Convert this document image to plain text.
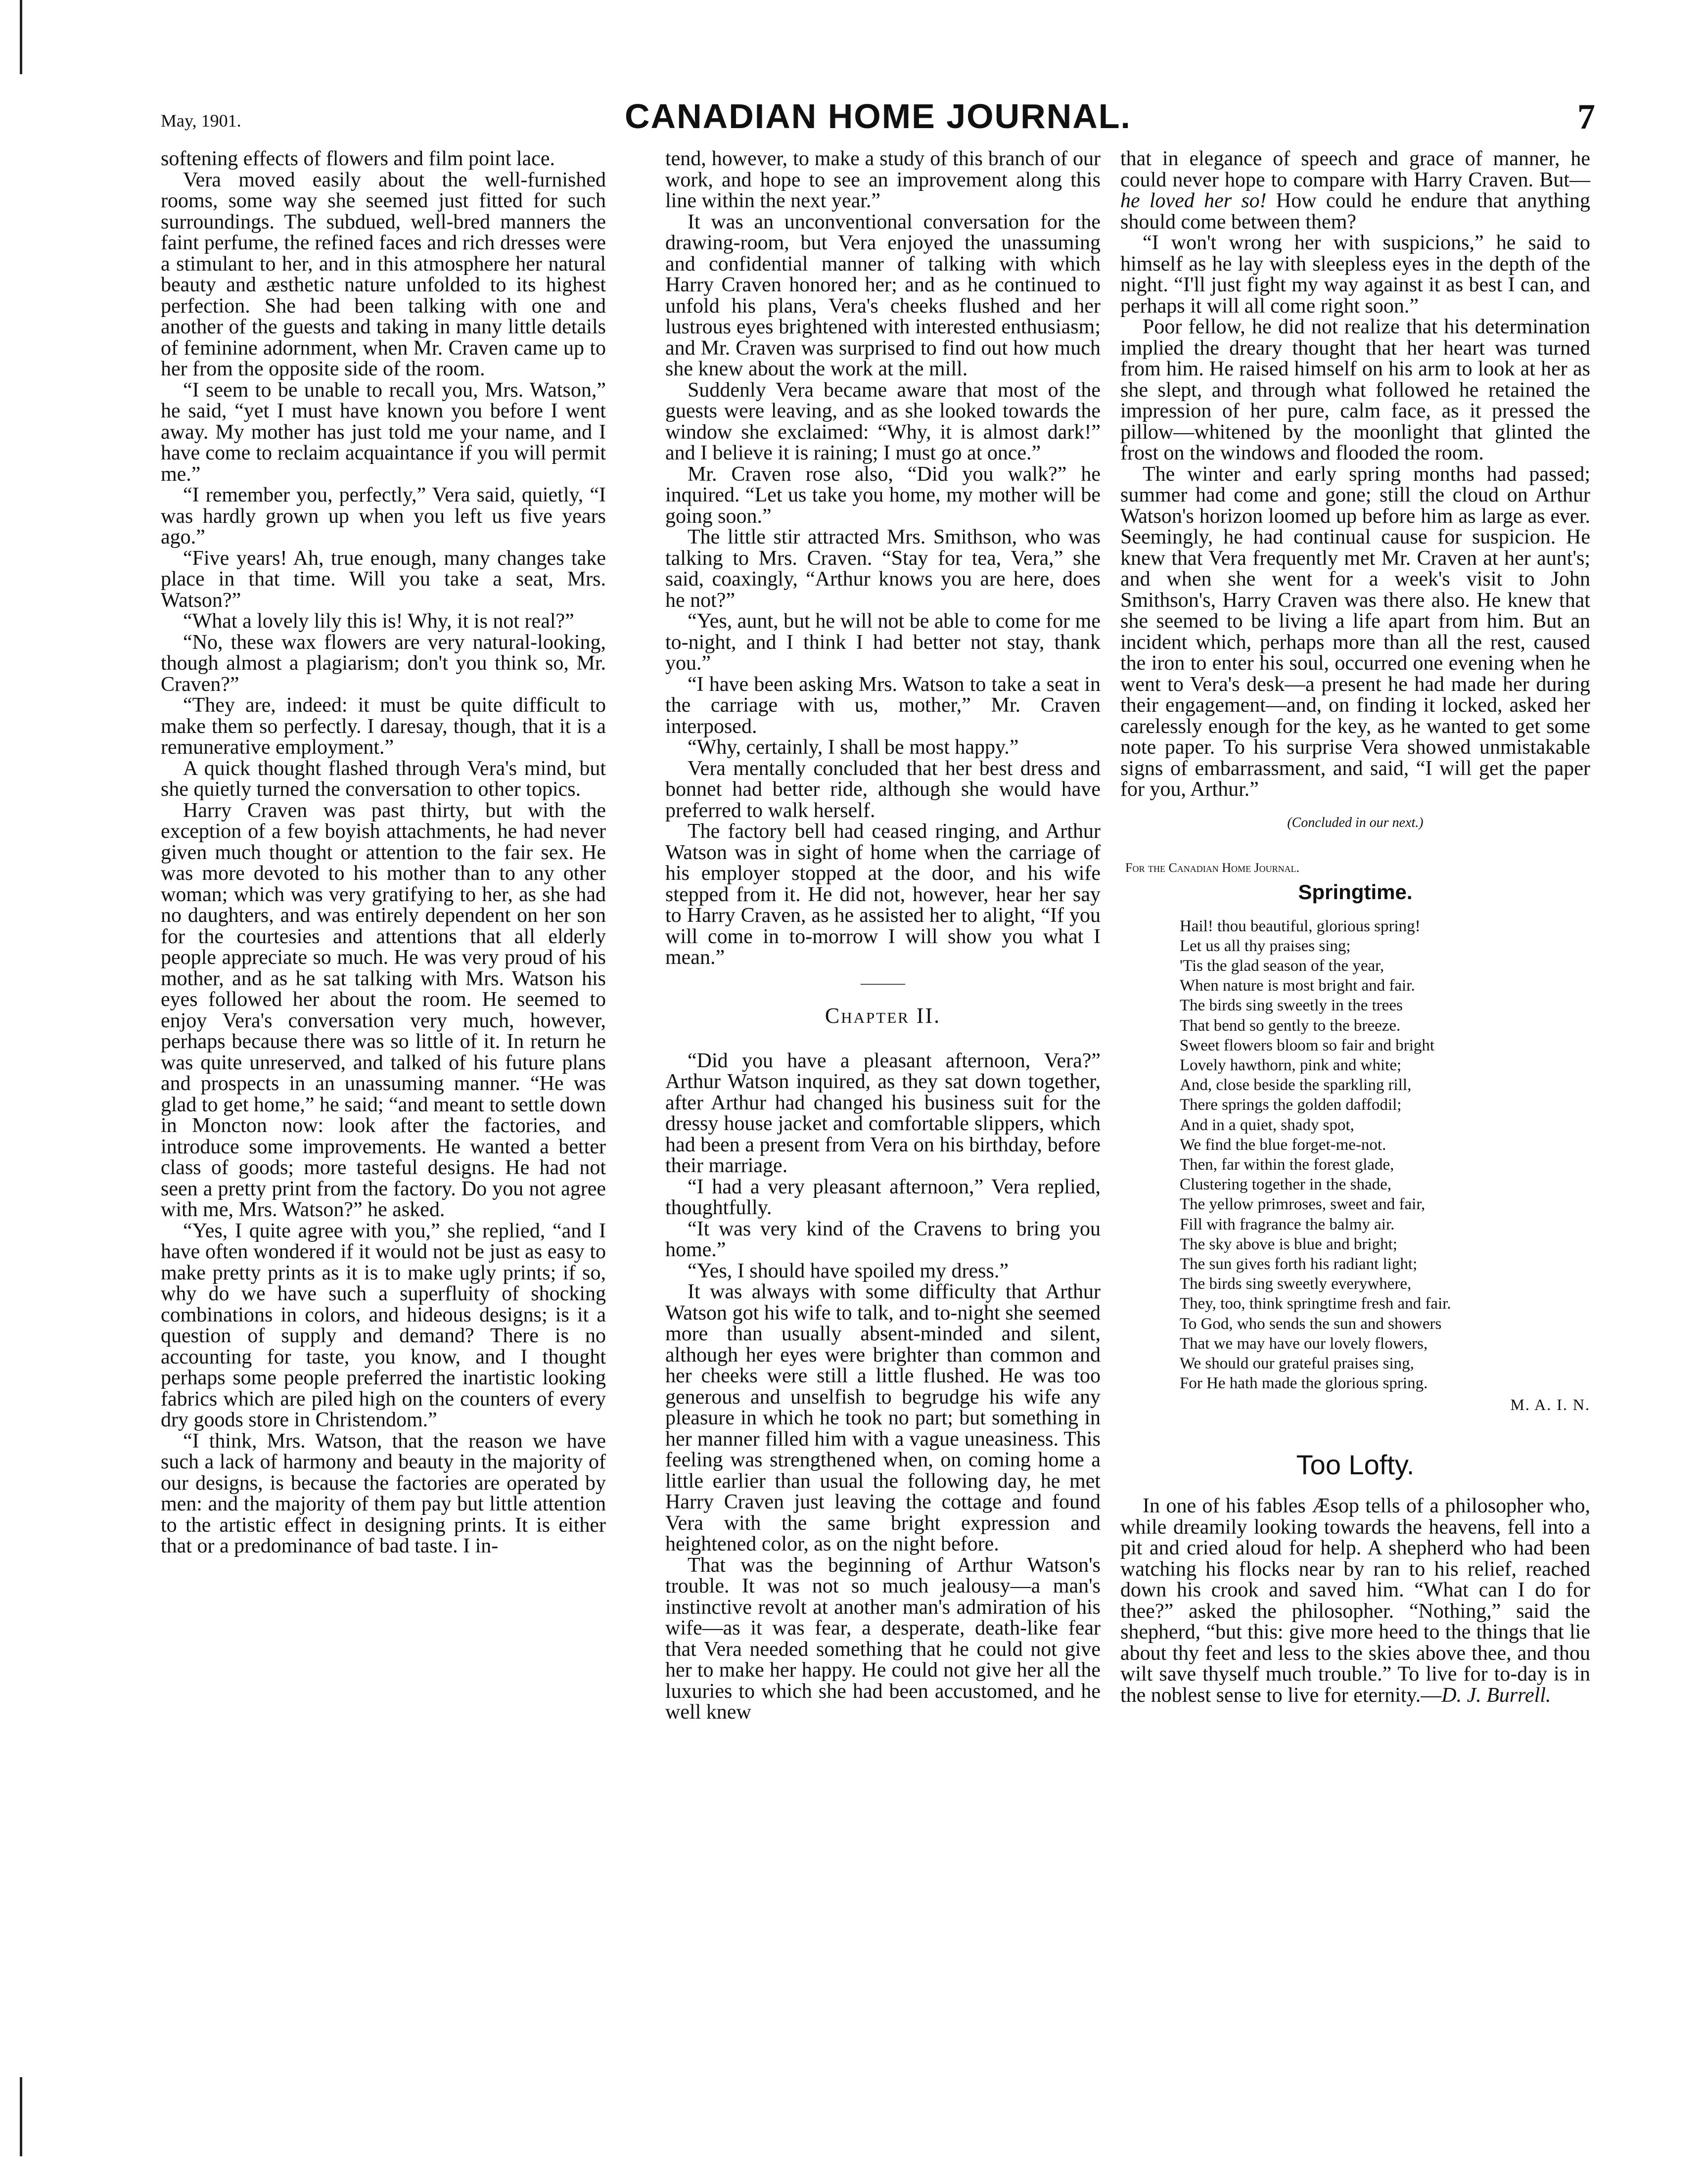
May, 1901.	CANADIAN HOME JOURNAL.	7

softening effects of flowers and film point lace.

Vera moved easily about the well-furnished rooms, some way she seemed just fitted for such surroundings. The subdued, well-bred manners the faint perfume, the refined faces and rich dresses were a stimulant to her, and in this atmosphere her natural beauty and æsthetic nature unfolded to its highest perfection. She had been talking with one and another of the guests and taking in many little details of feminine adornment, when Mr. Craven came up to her from the opposite side of the room.

“I seem to be unable to recall you, Mrs. Watson,” he said, “yet I must have known you before I went away. My mother has just told me your name, and I have come to reclaim acquaintance if you will permit me.”

“I remember you, perfectly,” Vera said, quietly, “I was hardly grown up when you left us five years ago.”

“Five years! Ah, true enough, many changes take place in that time. Will you take a seat, Mrs. Watson?”

“What a lovely lily this is! Why, it is not real?”

“No, these wax flowers are very natural-looking, though almost a plagiarism; don't you think so, Mr. Craven?”

“They are, indeed: it must be quite difficult to make them so perfectly. I daresay, though, that it is a remunerative employment.”

A quick thought flashed through Vera's mind, but she quietly turned the conversation to other topics.

Harry Craven was past thirty, but with the exception of a few boyish attachments, he had never given much thought or attention to the fair sex. He was more devoted to his mother than to any other woman; which was very gratifying to her, as she had no daughters, and was entirely dependent on her son for the courtesies and attentions that all elderly people appreciate so much. He was very proud of his mother, and as he sat talking with Mrs. Watson his eyes followed her about the room. He seemed to enjoy Vera's conversation very much, however, perhaps because there was so little of it. In return he was quite unreserved, and talked of his future plans and prospects in an unassuming manner. “He was glad to get home,” he said; “and meant to settle down in Moncton now: look after the factories, and introduce some improvements. He wanted a better class of goods; more tasteful designs. He had not seen a pretty print from the factory. Do you not agree with me, Mrs. Watson?” he asked.

“Yes, I quite agree with you,” she replied, “and I have often wondered if it would not be just as easy to make pretty prints as it is to make ugly prints; if so, why do we have such a superfluity of shocking combinations in colors, and hideous designs; is it a question of supply and demand? There is no accounting for taste, you know, and I thought perhaps some people preferred the inartistic looking fabrics which are piled high on the counters of every dry goods store in Christendom.”

“I think, Mrs. Watson, that the reason we have such a lack of harmony and beauty in the majority of our designs, is because the factories are operated by men: and the majority of them pay but little attention to the artistic effect in designing prints. It is either that or a predominance of bad taste. I in-

tend, however, to make a study of this branch of our work, and hope to see an improvement along this line within the next year.”

It was an unconventional conversation for the drawing-room, but Vera enjoyed the unassuming and confidential manner of talking with which Harry Craven honored her; and as he continued to unfold his plans, Vera's cheeks flushed and her lustrous eyes brightened with interested enthusiasm; and Mr. Craven was surprised to find out how much she knew about the work at the mill.

Suddenly Vera became aware that most of the guests were leaving, and as she looked towards the window she exclaimed: “Why, it is almost dark!” and I believe it is raining; I must go at once.”

Mr. Craven rose also, “Did you walk?” he inquired. “Let us take you home, my mother will be going soon.”

The little stir attracted Mrs. Smithson, who was talking to Mrs. Craven. “Stay for tea, Vera,” she said, coaxingly, “Arthur knows you are here, does he not?”

“Yes, aunt, but he will not be able to come for me to-night, and I think I had better not stay, thank you.”

“I have been asking Mrs. Watson to take a seat in the carriage with us, mother,” Mr. Craven interposed.

“Why, certainly, I shall be most happy.”

Vera mentally concluded that her best dress and bonnet had better ride, although she would have preferred to walk herself.

The factory bell had ceased ringing, and Arthur Watson was in sight of home when the carriage of his employer stopped at the door, and his wife stepped from it. He did not, however, hear her say to Harry Craven, as he assisted her to alight, “If you will come in to-morrow I will show you what I mean.”

———
Chapter II.

“Did you have a pleasant afternoon, Vera?” Arthur Watson inquired, as they sat down together, after Arthur had changed his business suit for the dressy house jacket and comfortable slippers, which had been a present from Vera on his birthday, before their marriage.

“I had a very pleasant afternoon,” Vera replied, thoughtfully.

“It was very kind of the Cravens to bring you home.”

“Yes, I should have spoiled my dress.”

It was always with some difficulty that Arthur Watson got his wife to talk, and to-night she seemed more than usually absent-minded and silent, although her eyes were brighter than common and her cheeks were still a little flushed. He was too generous and unselfish to begrudge his wife any pleasure in which he took no part; but something in her manner filled him with a vague uneasiness. This feeling was strengthened when, on coming home a little earlier than usual the following day, he met Harry Craven just leaving the cottage and found Vera with the same bright expression and heightened color, as on the night before.

That was the beginning of Arthur Watson's trouble. It was not so much jealousy—a man's instinctive revolt at another man's admiration of his wife—as it was fear, a desperate, death-like fear that Vera needed something that he could not give her to make her happy. He could not give her all the luxuries to which she had been accustomed, and he well knew

that in elegance of speech and grace of manner, he could never hope to compare with Harry Craven. But—he loved her so! How could he endure that anything should come between them?

“I won't wrong her with suspicions,” he said to himself as he lay with sleepless eyes in the depth of the night. “I'll just fight my way against it as best I can, and perhaps it will all come right soon.”

Poor fellow, he did not realize that his determination implied the dreary thought that her heart was turned from him. He raised himself on his arm to look at her as she slept, and through what followed he retained the impression of her pure, calm face, as it pressed the pillow—whitened by the moonlight that glinted the frost on the windows and flooded the room.

The winter and early spring months had passed; summer had come and gone; still the cloud on Arthur Watson's horizon loomed up before him as large as ever. Seemingly, he had continual cause for suspicion. He knew that Vera frequently met Mr. Craven at her aunt's; and when she went for a week's visit to John Smithson's, Harry Craven was there also. He knew that she seemed to be living a life apart from him. But an incident which, perhaps more than all the rest, caused the iron to enter his soul, occurred one evening when he went to Vera's desk—a present he had made her during their engagement—and, on finding it locked, asked her carelessly enough for the key, as he wanted to get some note paper. To his surprise Vera showed unmistakable signs of embarrassment, and said, “I will get the paper for you, Arthur.”

(Concluded in our next.)
For the Canadian Home Journal.
Springtime.
Hail! thou beautiful, glorious spring!
Let us all thy praises sing;
'Tis the glad season of the year,
When nature is most bright and fair.
The birds sing sweetly in the trees
That bend so gently to the breeze.
Sweet flowers bloom so fair and bright
Lovely hawthorn, pink and white;
And, close beside the sparkling rill,
There springs the golden daffodil;
And in a quiet, shady spot,
We find the blue forget-me-not.
Then, far within the forest glade,
Clustering together in the shade,
The yellow primroses, sweet and fair,
Fill with fragrance the balmy air.
The sky above is blue and bright;
The sun gives forth his radiant light;
The birds sing sweetly everywhere,
They, too, think springtime fresh and fair.
To God, who sends the sun and showers
That we may have our lovely flowers,
We should our grateful praises sing,
For He hath made the glorious spring.
M. A. I. N.
Too Lofty.

In one of his fables Æsop tells of a philosopher who, while dreamily looking towards the heavens, fell into a pit and cried aloud for help. A shepherd who had been watching his flocks near by ran to his relief, reached down his crook and saved him. “What can I do for thee?” asked the philosopher. “Nothing,” said the shepherd, “but this: give more heed to the things that lie about thy feet and less to the skies above thee, and thou wilt save thyself much trouble.” To live for to-day is in the noblest sense to live for eternity.—D. J. Burrell.
